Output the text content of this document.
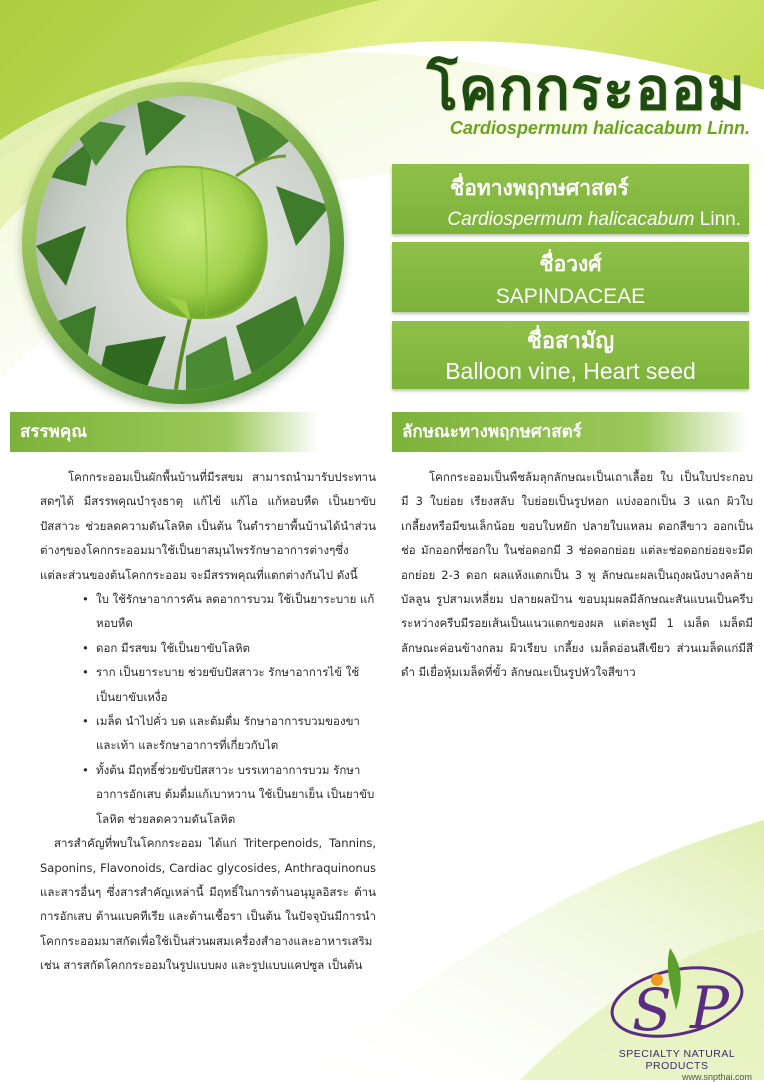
โคกกระออม
Cardiospermum halicacabum Linn.
ชื่อทางพฤกษศาสตร์
Cardiospermum halicacabum Linn.
ชื่อวงศ์
SAPINDACEAE
ชื่อสามัญ
Balloon vine, Heart seed
สรรพคุณ	ลักษณะทางพฤกษศาสตร์

โคกกระออมเป็นผักพื้นบ้านที่มีรสขม สามารถนำมารับประทานสดๆได้ มีสรรพคุณบำรุงธาตุ แก้ไข้ แก้ไอ แก้หอบหืด เป็นยาขับปัสสาวะ ช่วยลดความดันโลหิต เป็นต้น ในตำรายาพื้นบ้านได้นำส่วนต่างๆของโคกกระออมมาใช้เป็นยาสมุนไพรรักษาอาการต่างๆซึ่งแต่ละส่วนของต้นโคกกระออม จะมีสรรพคุณที่แตกต่างกันไป ดังนี้

• ใบ ใช้รักษาอาการคัน ลดอาการบวม ใช้เป็นยาระบาย แก้หอบหืด
• ดอก มีรสขม ใช้เป็นยาขับโลหิต
• ราก เป็นยาระบาย ช่วยขับปัสสาวะ รักษาอาการไข้ ใช้เป็นยาขับเหงื่อ
• เมล็ด นำไปคั่ว บด และต้มดื่ม รักษาอาการบวมของขาและเท้า และรักษาอาการที่เกี่ยวกับไต
• ทั้งต้น มีฤทธิ์ช่วยขับปัสสาวะ บรรเทาอาการบวม รักษาอาการอักเสบ ต้มดื่มแก้เบาหวาน ใช้เป็นยาเย็น เป็นยาขับโลหิต ช่วยลดความดันโลหิต

สารสำคัญที่พบในโคกกระออม ได้แก่ Triterpenoids, Tannins, Saponins, Flavonoids, Cardiac glycosides, Anthraquinonus และสารอื่นๆ ซึ่งสารสำคัญเหล่านี้ มีฤทธิ์ในการต้านอนุมูลอิสระ ต้านการอักเสบ ต้านแบคทีเรีย และต้านเชื้อรา เป็นต้น ในปัจจุบันมีการนำโคกกระออมมาสกัดเพื่อใช้เป็นส่วนผสมเครื่องสำอางและอาหารเสริม เช่น สารสกัดโคกกระออมในรูปแบบผง และรูปแบบแคปซูล เป็นต้น

โคกกระออมเป็นพืชล้มลุกลักษณะเป็นเถาเลื้อย ใบ เป็นใบประกอบ มี 3 ใบย่อย เรียงสลับ ใบย่อยเป็นรูปหอก แบ่งออกเป็น 3 แฉก ผิวใบเกลี้ยงหรือมีขนเล็กน้อย ขอบใบหยัก ปลายใบแหลม ดอกสีขาว ออกเป็นช่อ มักออกที่ซอกใบ ในช่อดอกมี 3 ช่อดอกย่อย แต่ละช่อดอกย่อยจะมีดอกย่อย 2-3 ดอก ผลแห้งแตกเป็น 3 พู ลักษณะผลเป็นถุงผนังบางคล้ายบัลลูน รูปสามเหลี่ยม ปลายผลป้าน ขอบมุมผลมีลักษณะสันแบนเป็นครีบ ระหว่างครีบมีรอยเส้นเป็นแนวแตกของผล แต่ละพูมี 1 เมล็ด เมล็ดมีลักษณะค่อนข้างกลม ผิวเรียบ เกลี้ยง เมล็ดอ่อนสีเขียว ส่วนเมล็ดแก่มีสีดำ มีเยื่อหุ้มเมล็ดที่ขั้ว ลักษณะเป็นรูปหัวใจสีขาว

S P
SPECIALTY NATURAL PRODUCTS
www.snpthai.com
